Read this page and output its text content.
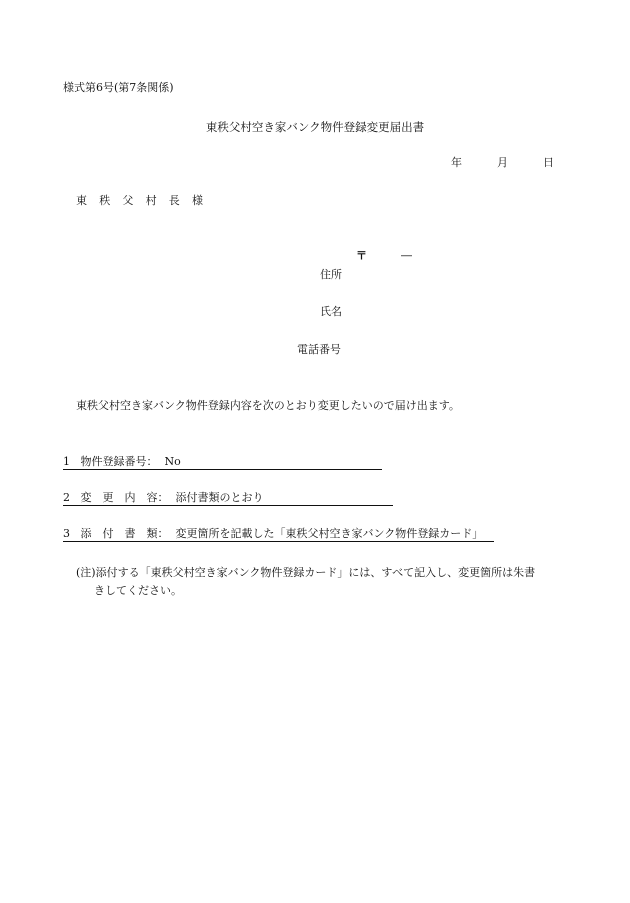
様式第6号(第7条関係)
東秩父村空き家バンク物件登録変更届出書
年	月	日
東　秩　父　村　長　様
〒	―
住所
氏名
電話番号
東秩父村空き家バンク物件登録内容を次のとおり変更したいので届け出ます。
1 物件登録番号： No
2 変　更　内　容： 添付書類のとおり
3 添　付　書　類： 変更箇所を記載した「東秩父村空き家バンク物件登録カード」
(注)添付する「東秩父村空き家バンク物件登録カード」には、すべて記入し、変更箇所は朱書
きしてください。
